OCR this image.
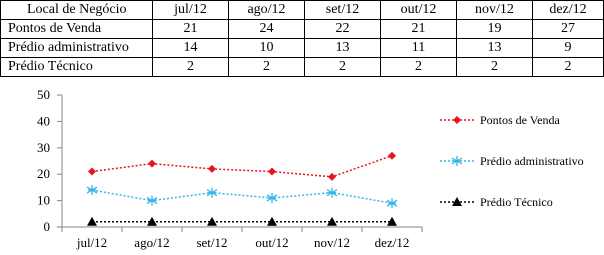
Local de Negócio	jul/12	ago/12	set/12	out/12	nov/12	dez/12
Pontos de Venda	21	24	22	21	19	27
Prédio administrativo	14	10	13	11	13	9
Prédio Técnico	2	2	2	2	2	2
0
10
20
30
40
50
jul/12 ago/12 set/12 out/12 nov/12 dez/12
Pontos de Venda
Prédio administrativo
Prédio Técnico
